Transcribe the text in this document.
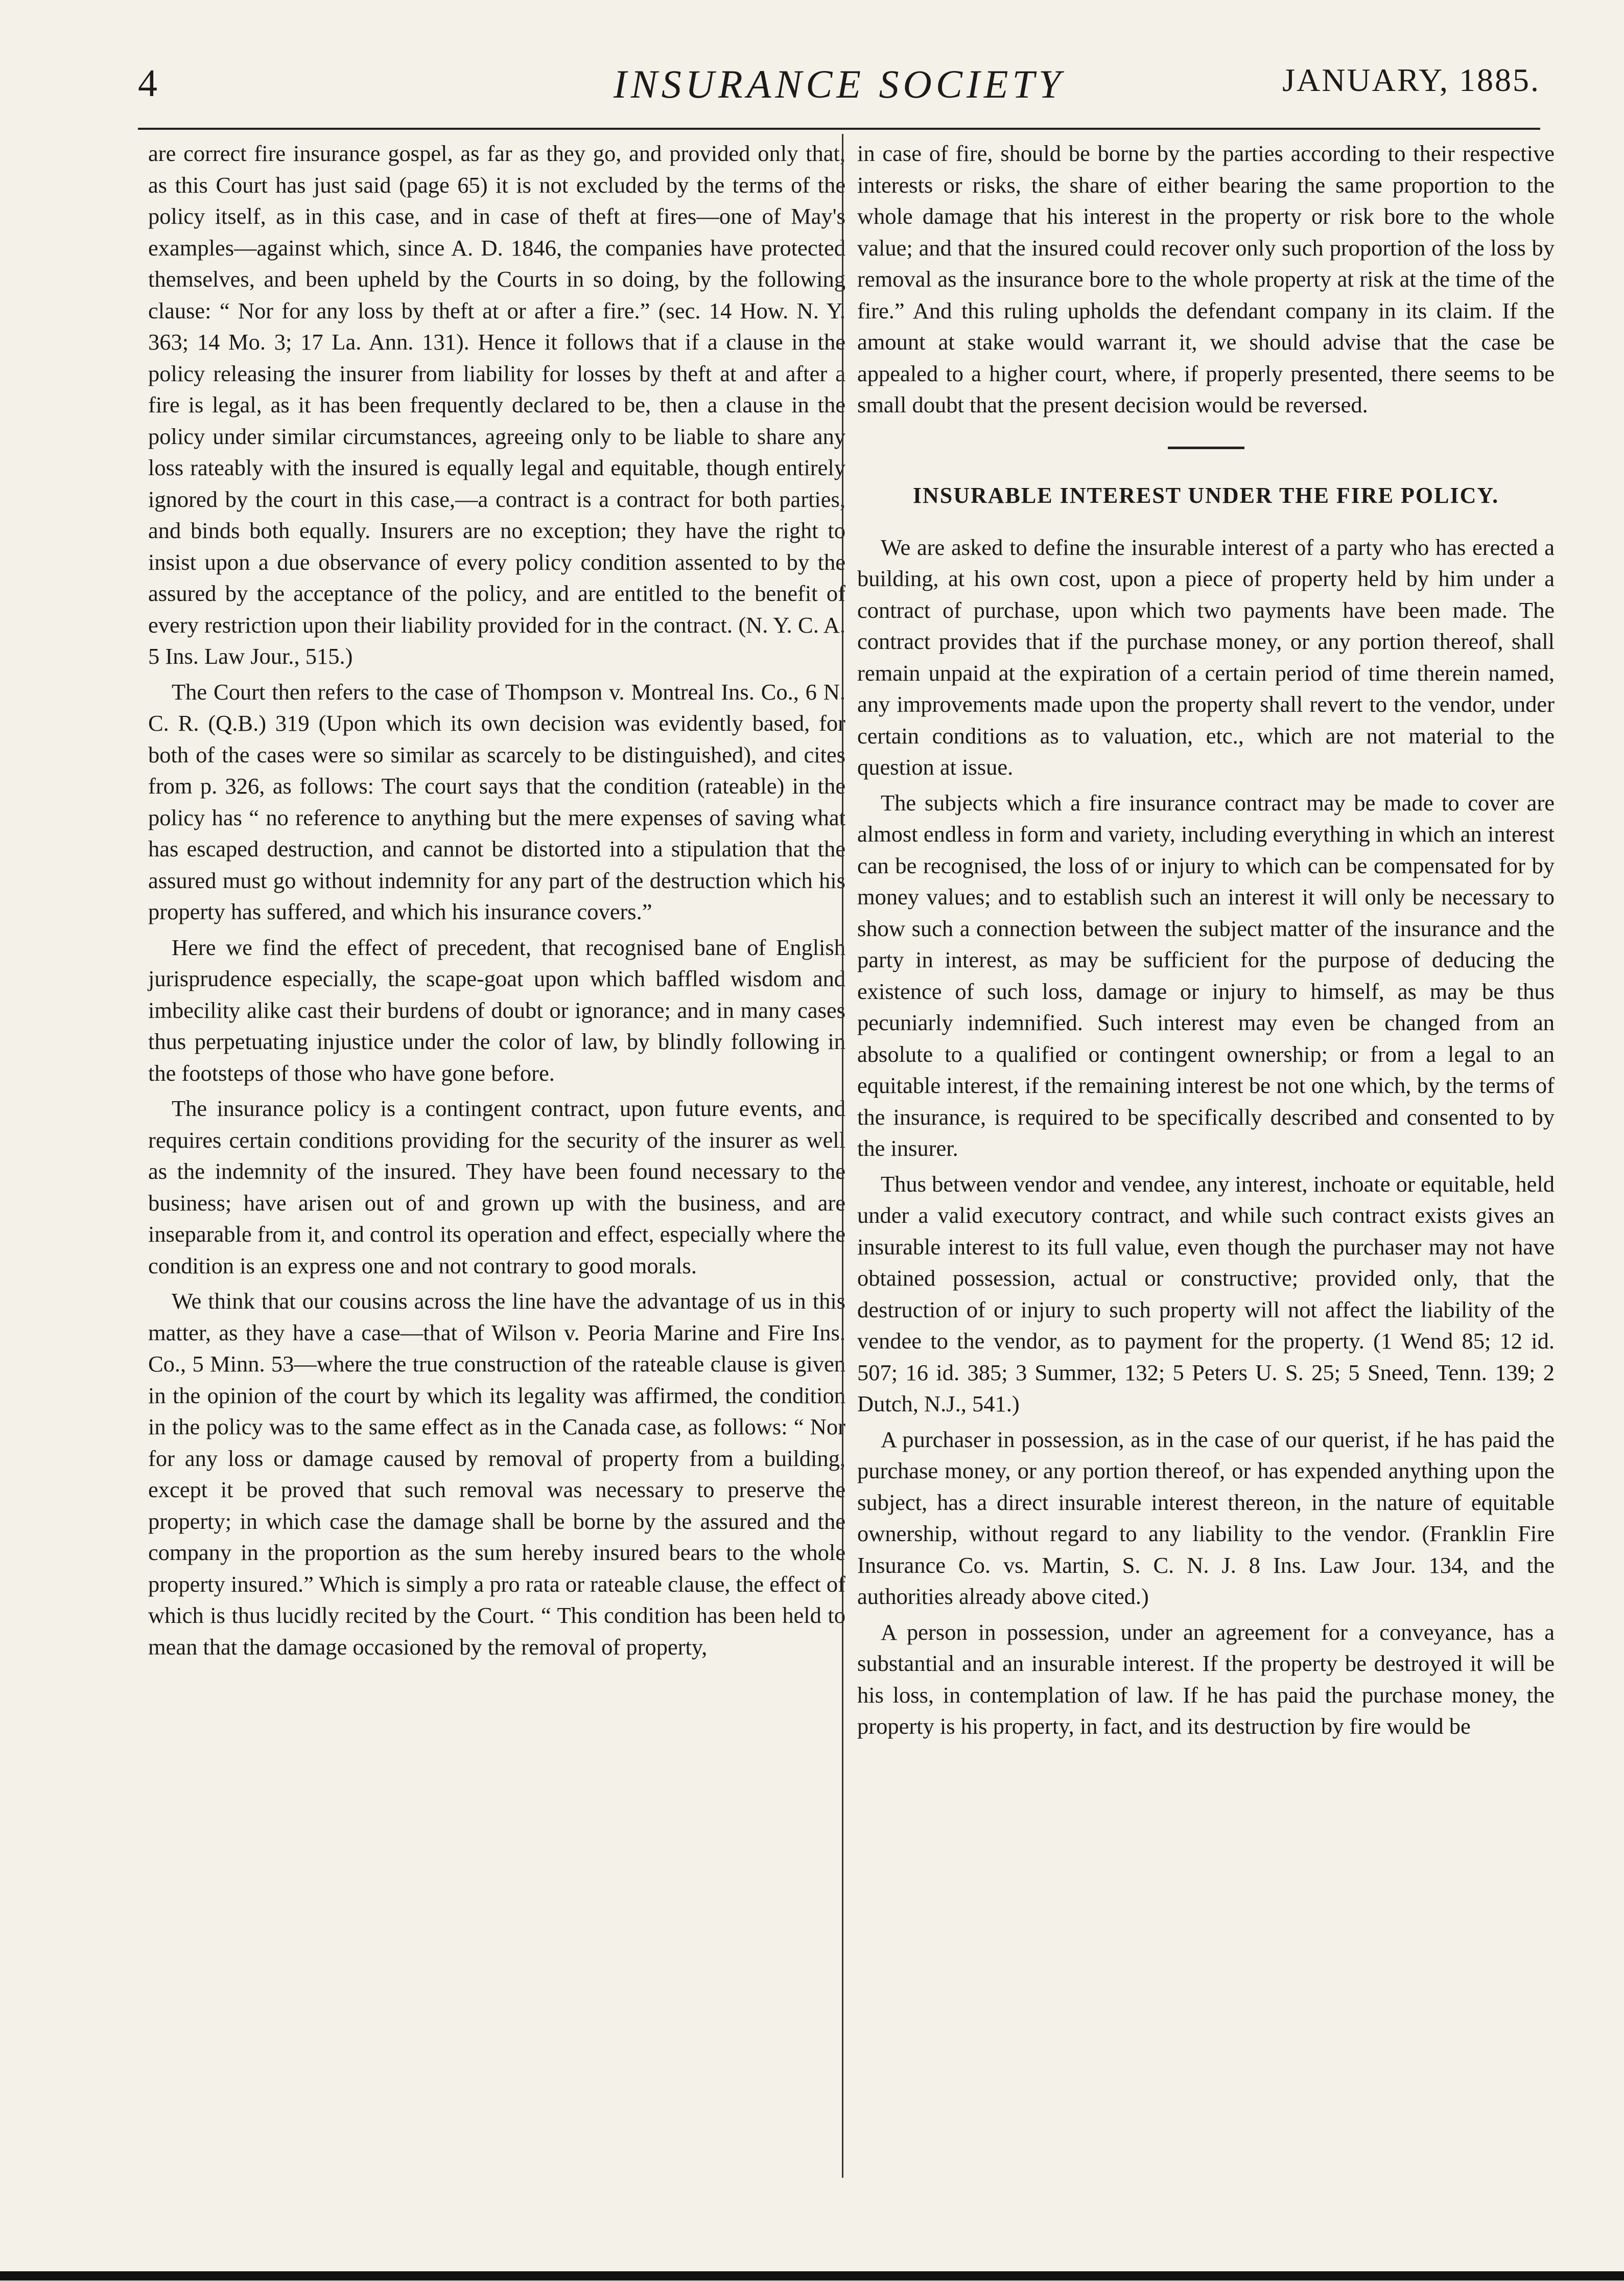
4	INSURANCE SOCIETY	JANUARY, 1885.

are correct fire insurance gospel, as far as they go, and provided only that, as this Court has just said (page 65) it is not excluded by the terms of the policy itself, as in this case, and in case of theft at fires—one of May's examples—against which, since A. D. 1846, the companies have protected themselves, and been upheld by the Courts in so doing, by the following clause: “ Nor for any loss by theft at or after a fire.” (sec. 14 How. N. Y. 363; 14 Mo. 3; 17 La. Ann. 131). Hence it follows that if a clause in the policy releasing the insurer from liability for losses by theft at and after a fire is legal, as it has been frequently declared to be, then a clause in the policy under similar circumstances, agreeing only to be liable to share any loss rateably with the insured is equally legal and equitable, though entirely ignored by the court in this case,—a contract is a contract for both parties, and binds both equally. Insurers are no exception; they have the right to insist upon a due observance of every policy condition assented to by the assured by the acceptance of the policy, and are entitled to the benefit of every restriction upon their liability provided for in the contract. (N. Y. C. A. 5 Ins. Law Jour., 515.)

The Court then refers to the case of Thompson v. Montreal Ins. Co., 6 N. C. R. (Q.B.) 319 (Upon which its own decision was evidently based, for both of the cases were so similar as scarcely to be distinguished), and cites from p. 326, as follows: The court says that the condition (rateable) in the policy has “ no reference to anything but the mere expenses of saving what has escaped destruction, and cannot be distorted into a stipulation that the assured must go without indemnity for any part of the destruction which his property has suffered, and which his insurance covers.”

Here we find the effect of precedent, that recognised bane of English jurisprudence especially, the scape-goat upon which baffled wisdom and imbecility alike cast their burdens of doubt or ignorance; and in many cases thus perpetuating injustice under the color of law, by blindly following in the footsteps of those who have gone before.

The insurance policy is a contingent contract, upon future events, and requires certain conditions providing for the security of the insurer as well as the indemnity of the insured. They have been found necessary to the business; have arisen out of and grown up with the business, and are inseparable from it, and control its operation and effect, especially where the condition is an express one and not contrary to good morals.

We think that our cousins across the line have the advantage of us in this matter, as they have a case—that of Wilson v. Peoria Marine and Fire Ins. Co., 5 Minn. 53—where the true construction of the rateable clause is given in the opinion of the court by which its legality was affirmed, the condition in the policy was to the same effect as in the Canada case, as follows: “ Nor for any loss or damage caused by removal of property from a building, except it be proved that such removal was necessary to preserve the property; in which case the damage shall be borne by the assured and the company in the proportion as the sum hereby insured bears to the whole property insured.” Which is simply a pro rata or rateable clause, the effect of which is thus lucidly recited by the Court. “ This condition has been held to mean that the damage occasioned by the removal of property,

in case of fire, should be borne by the parties according to their respective interests or risks, the share of either bearing the same proportion to the whole damage that his interest in the property or risk bore to the whole value; and that the insured could recover only such proportion of the loss by removal as the insurance bore to the whole property at risk at the time of the fire.” And this ruling upholds the defendant company in its claim. If the amount at stake would warrant it, we should advise that the case be appealed to a higher court, where, if properly presented, there seems to be small doubt that the present decision would be reversed.

INSURABLE INTEREST UNDER THE FIRE POLICY.

We are asked to define the insurable interest of a party who has erected a building, at his own cost, upon a piece of property held by him under a contract of purchase, upon which two payments have been made. The contract provides that if the purchase money, or any portion thereof, shall remain unpaid at the expiration of a certain period of time therein named, any improvements made upon the property shall revert to the vendor, under certain conditions as to valuation, etc., which are not material to the question at issue.

The subjects which a fire insurance contract may be made to cover are almost endless in form and variety, including everything in which an interest can be recognised, the loss of or injury to which can be compensated for by money values; and to establish such an interest it will only be necessary to show such a connection between the subject matter of the insurance and the party in interest, as may be sufficient for the purpose of deducing the existence of such loss, damage or injury to himself, as may be thus pecuniarly indemnified. Such interest may even be changed from an absolute to a qualified or contingent ownership; or from a legal to an equitable interest, if the remaining interest be not one which, by the terms of the insurance, is required to be specifically described and consented to by the insurer.

Thus between vendor and vendee, any interest, inchoate or equitable, held under a valid executory contract, and while such contract exists gives an insurable interest to its full value, even though the purchaser may not have obtained possession, actual or constructive; provided only, that the destruction of or injury to such property will not affect the liability of the vendee to the vendor, as to payment for the property. (1 Wend 85; 12 id. 507; 16 id. 385; 3 Summer, 132; 5 Peters U. S. 25; 5 Sneed, Tenn. 139; 2 Dutch, N.J., 541.)

A purchaser in possession, as in the case of our querist, if he has paid the purchase money, or any portion thereof, or has expended anything upon the subject, has a direct insurable interest thereon, in the nature of equitable ownership, without regard to any liability to the vendor. (Franklin Fire Insurance Co. vs. Martin, S. C. N. J. 8 Ins. Law Jour. 134, and the authorities already above cited.)

A person in possession, under an agreement for a conveyance, has a substantial and an insurable interest. If the property be destroyed it will be his loss, in contemplation of law. If he has paid the purchase money, the property is his property, in fact, and its destruction by fire would be
